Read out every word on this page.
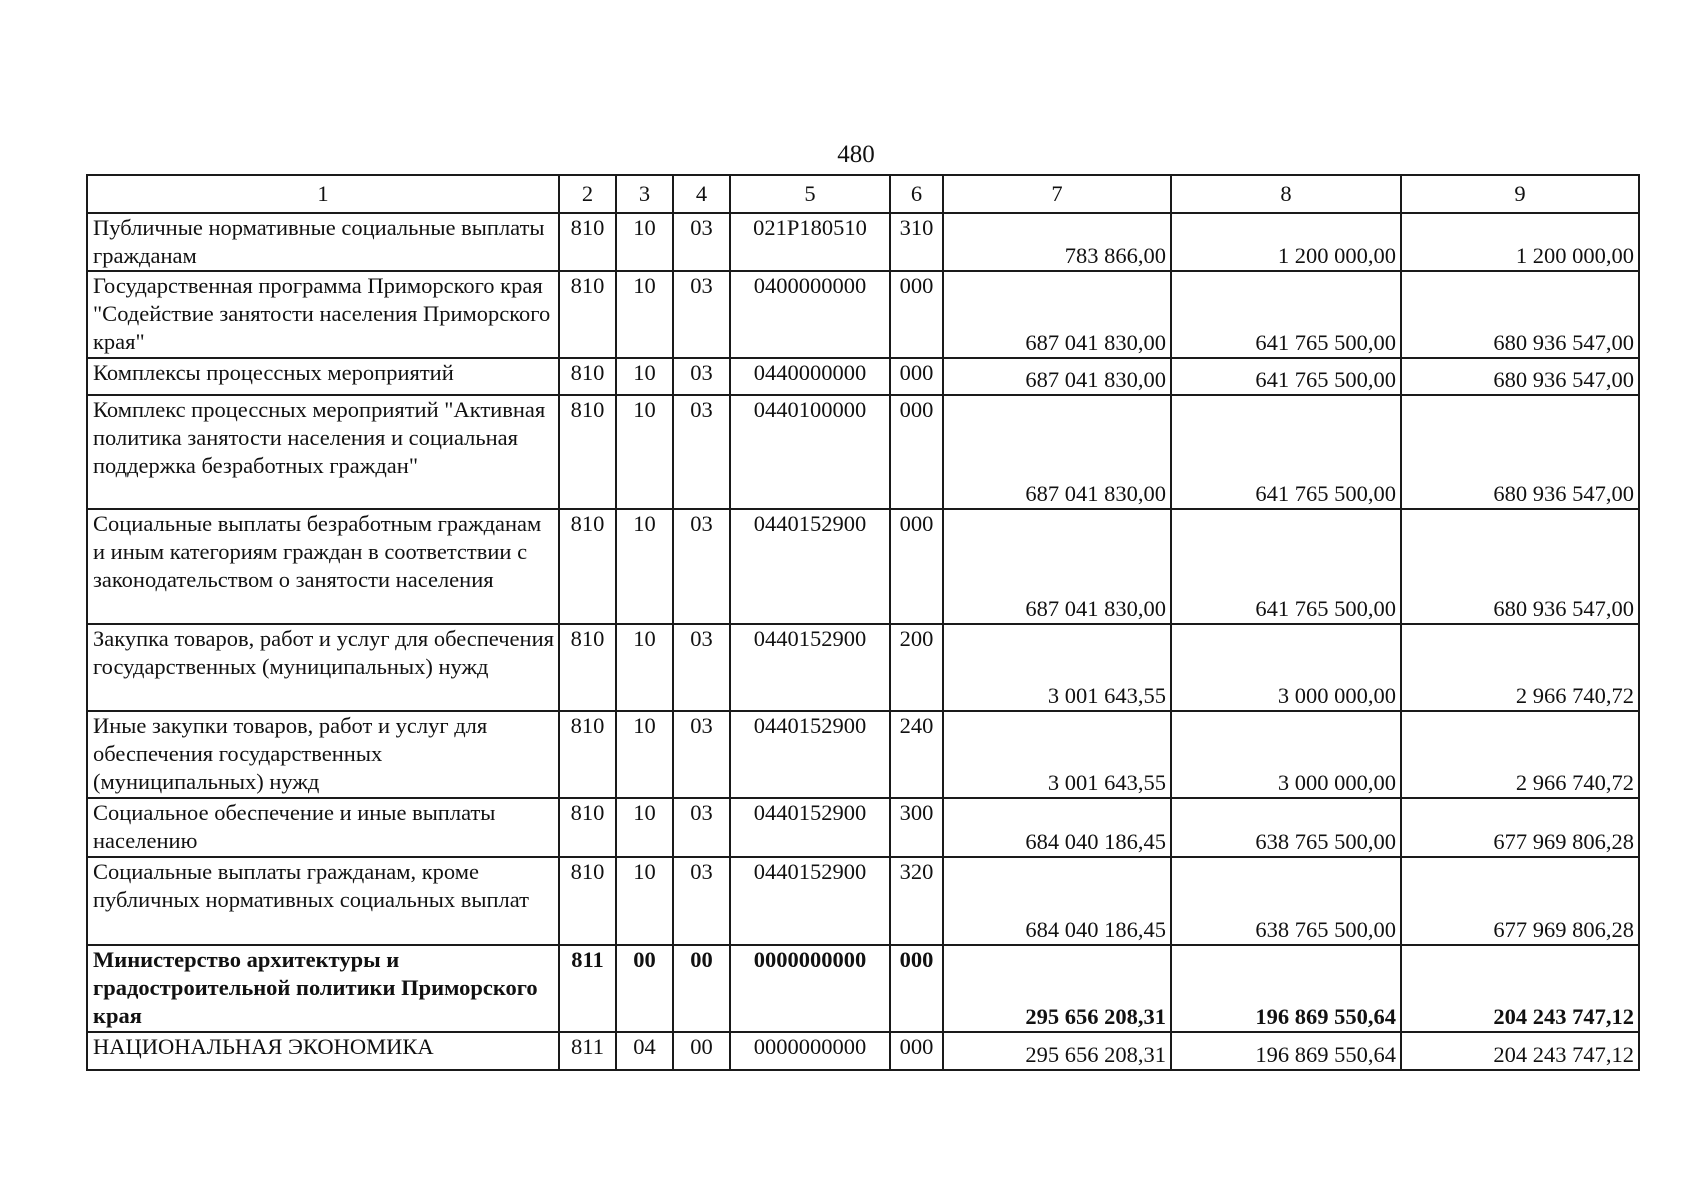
480
1	2	3	4	5	6	7	8	9
Публичные нормативные социальные выплаты гражданам	810	10	03	021P180510	310	783 866,00	1 200 000,00	1 200 000,00
Государственная программа Приморского края "Содействие занятости населения Приморского края"	810	10	03	0400000000	000	687 041 830,00	641 765 500,00	680 936 547,00
Комплексы процессных мероприятий	810	10	03	0440000000	000	687 041 830,00	641 765 500,00	680 936 547,00
Комплекс процессных мероприятий "Активная политика занятости населения и социальная поддержка безработных граждан"	810	10	03	0440100000	000	687 041 830,00	641 765 500,00	680 936 547,00
Социальные выплаты безработным гражданам и иным категориям граждан в соответствии с законодательством о занятости населения	810	10	03	0440152900	000	687 041 830,00	641 765 500,00	680 936 547,00
Закупка товаров, работ и услуг для обеспечения государственных (муниципальных) нужд	810	10	03	0440152900	200	3 001 643,55	3 000 000,00	2 966 740,72
Иные закупки товаров, работ и услуг для обеспечения государственных (муниципальных) нужд	810	10	03	0440152900	240	3 001 643,55	3 000 000,00	2 966 740,72
Социальное обеспечение и иные выплаты населению	810	10	03	0440152900	300	684 040 186,45	638 765 500,00	677 969 806,28
Социальные выплаты гражданам, кроме публичных нормативных социальных выплат	810	10	03	0440152900	320	684 040 186,45	638 765 500,00	677 969 806,28
Министерство архитектуры и градостроительной политики Приморского края	811	00	00	0000000000	000	295 656 208,31	196 869 550,64	204 243 747,12
НАЦИОНАЛЬНАЯ ЭКОНОМИКА	811	04	00	0000000000	000	295 656 208,31	196 869 550,64	204 243 747,12
